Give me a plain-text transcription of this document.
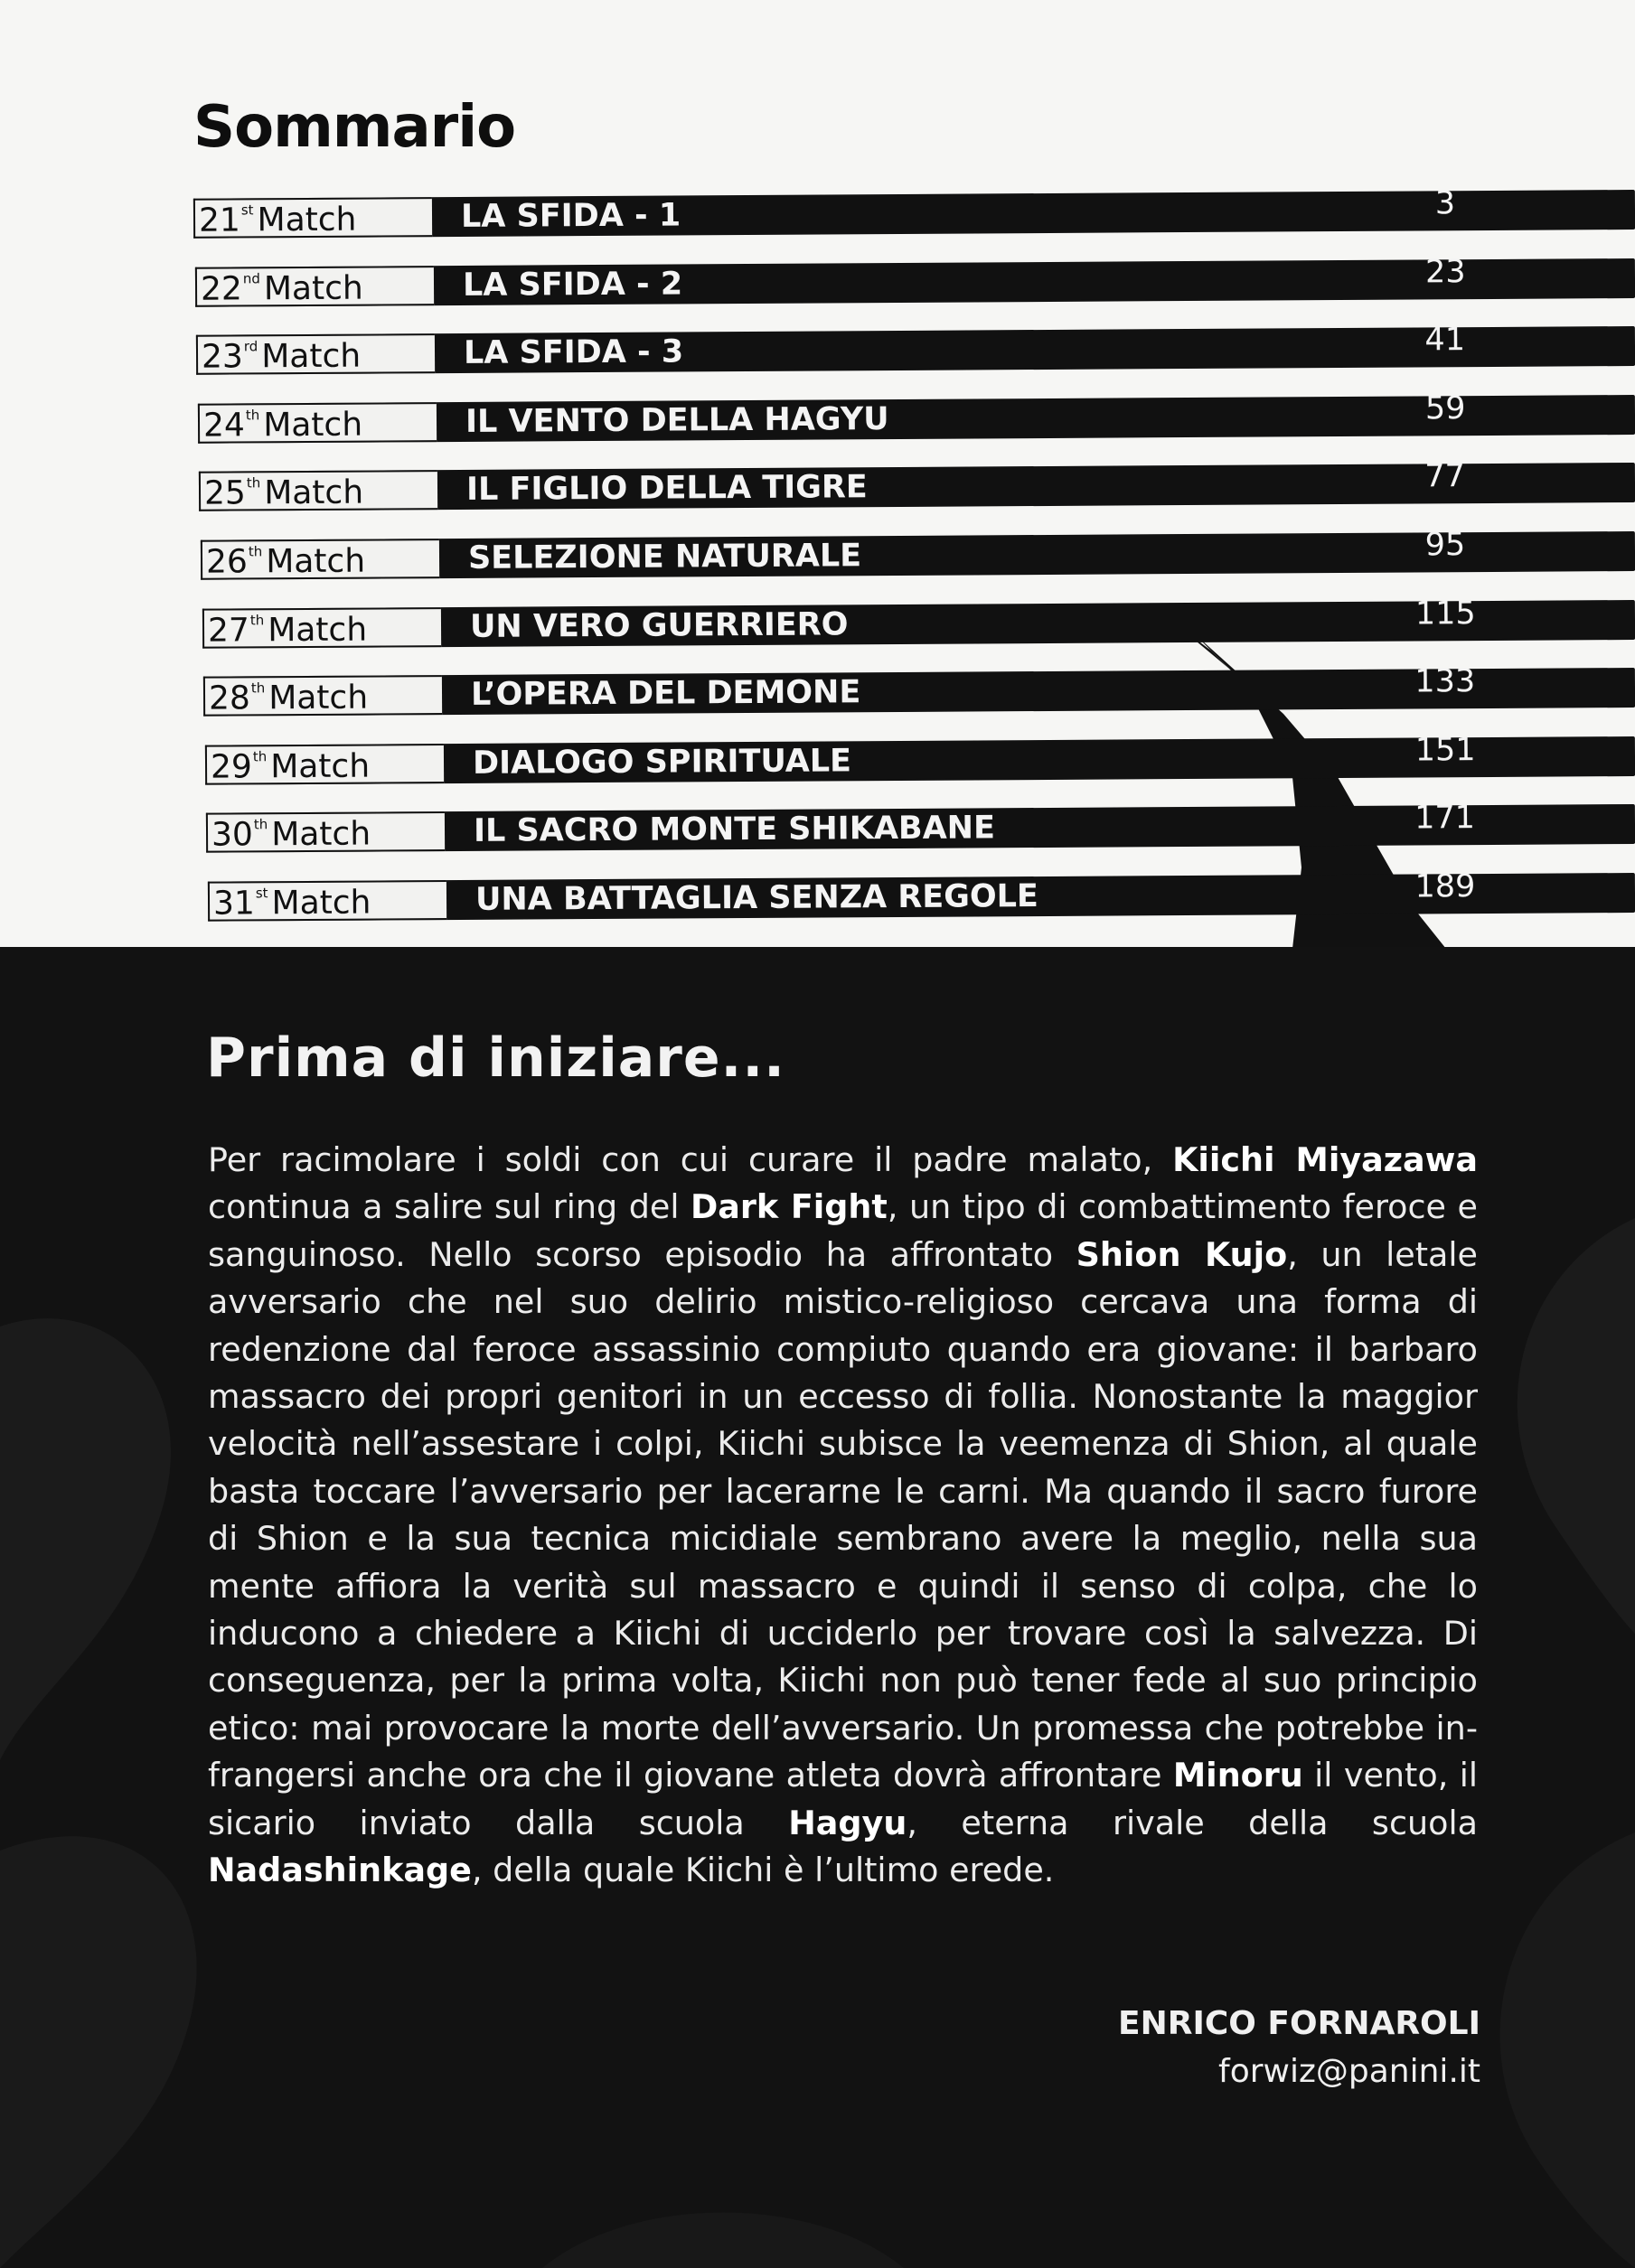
Sommario
21st Match	LA SFIDA - 1	3
22nd Match	LA SFIDA - 2	23
23rd Match	LA SFIDA - 3	41
24th Match	IL VENTO DELLA HAGYU	59
25th Match	IL FIGLIO DELLA TIGRE	77
26th Match	SELEZIONE NATURALE	95
27th Match	UN VERO GUERRIERO	115
28th Match	L’OPERA DEL DEMONE	133
29th Match	DIALOGO SPIRITUALE	151
30th Match	IL SACRO MONTE SHIKABANE	171
31st Match	UNA BATTAGLIA SENZA REGOLE	189
Prima di iniziare...

Per racimolare i soldi con cui curare il padre malato, Kiichi Miyazawa continua a salire sul ring del Dark Fight, un tipo di combattimento feroce e sanguinoso. Nello scorso episodio ha affrontato Shion Kujo, un letale avversario che nel suo delirio mistico-religioso cercava una forma di redenzione dal feroce assassinio compiuto quando era giovane: il barbaro massacro dei propri genitori in un eccesso di follia. Nonostante la maggior velocità nell’assestare i colpi, Kiichi subisce la veemenza di Shion, al quale basta toccare l’avversario per lacerarne le carni. Ma quando il sacro furore di Shion e la sua tecnica micidiale sembrano avere la meglio, nella sua mente affiora la verità sul massacro e quindi il senso di colpa, che lo inducono a chiedere a Kiichi di ucciderlo per trovare così la salvezza. Di conseguenza, per la prima volta, Kiichi non può tener fede al suo principio etico: mai provocare la morte dell’avversario. Un promessa che potrebbe infrangersi anche ora che il giovane atleta dovrà affrontare Minoru il vento, il sicario inviato dalla scuola Hagyu, eterna rivale della scuola Nadashinkage, della quale Kiichi è l’ultimo erede.

ENRICO FORNAROLI
forwiz@panini.it
